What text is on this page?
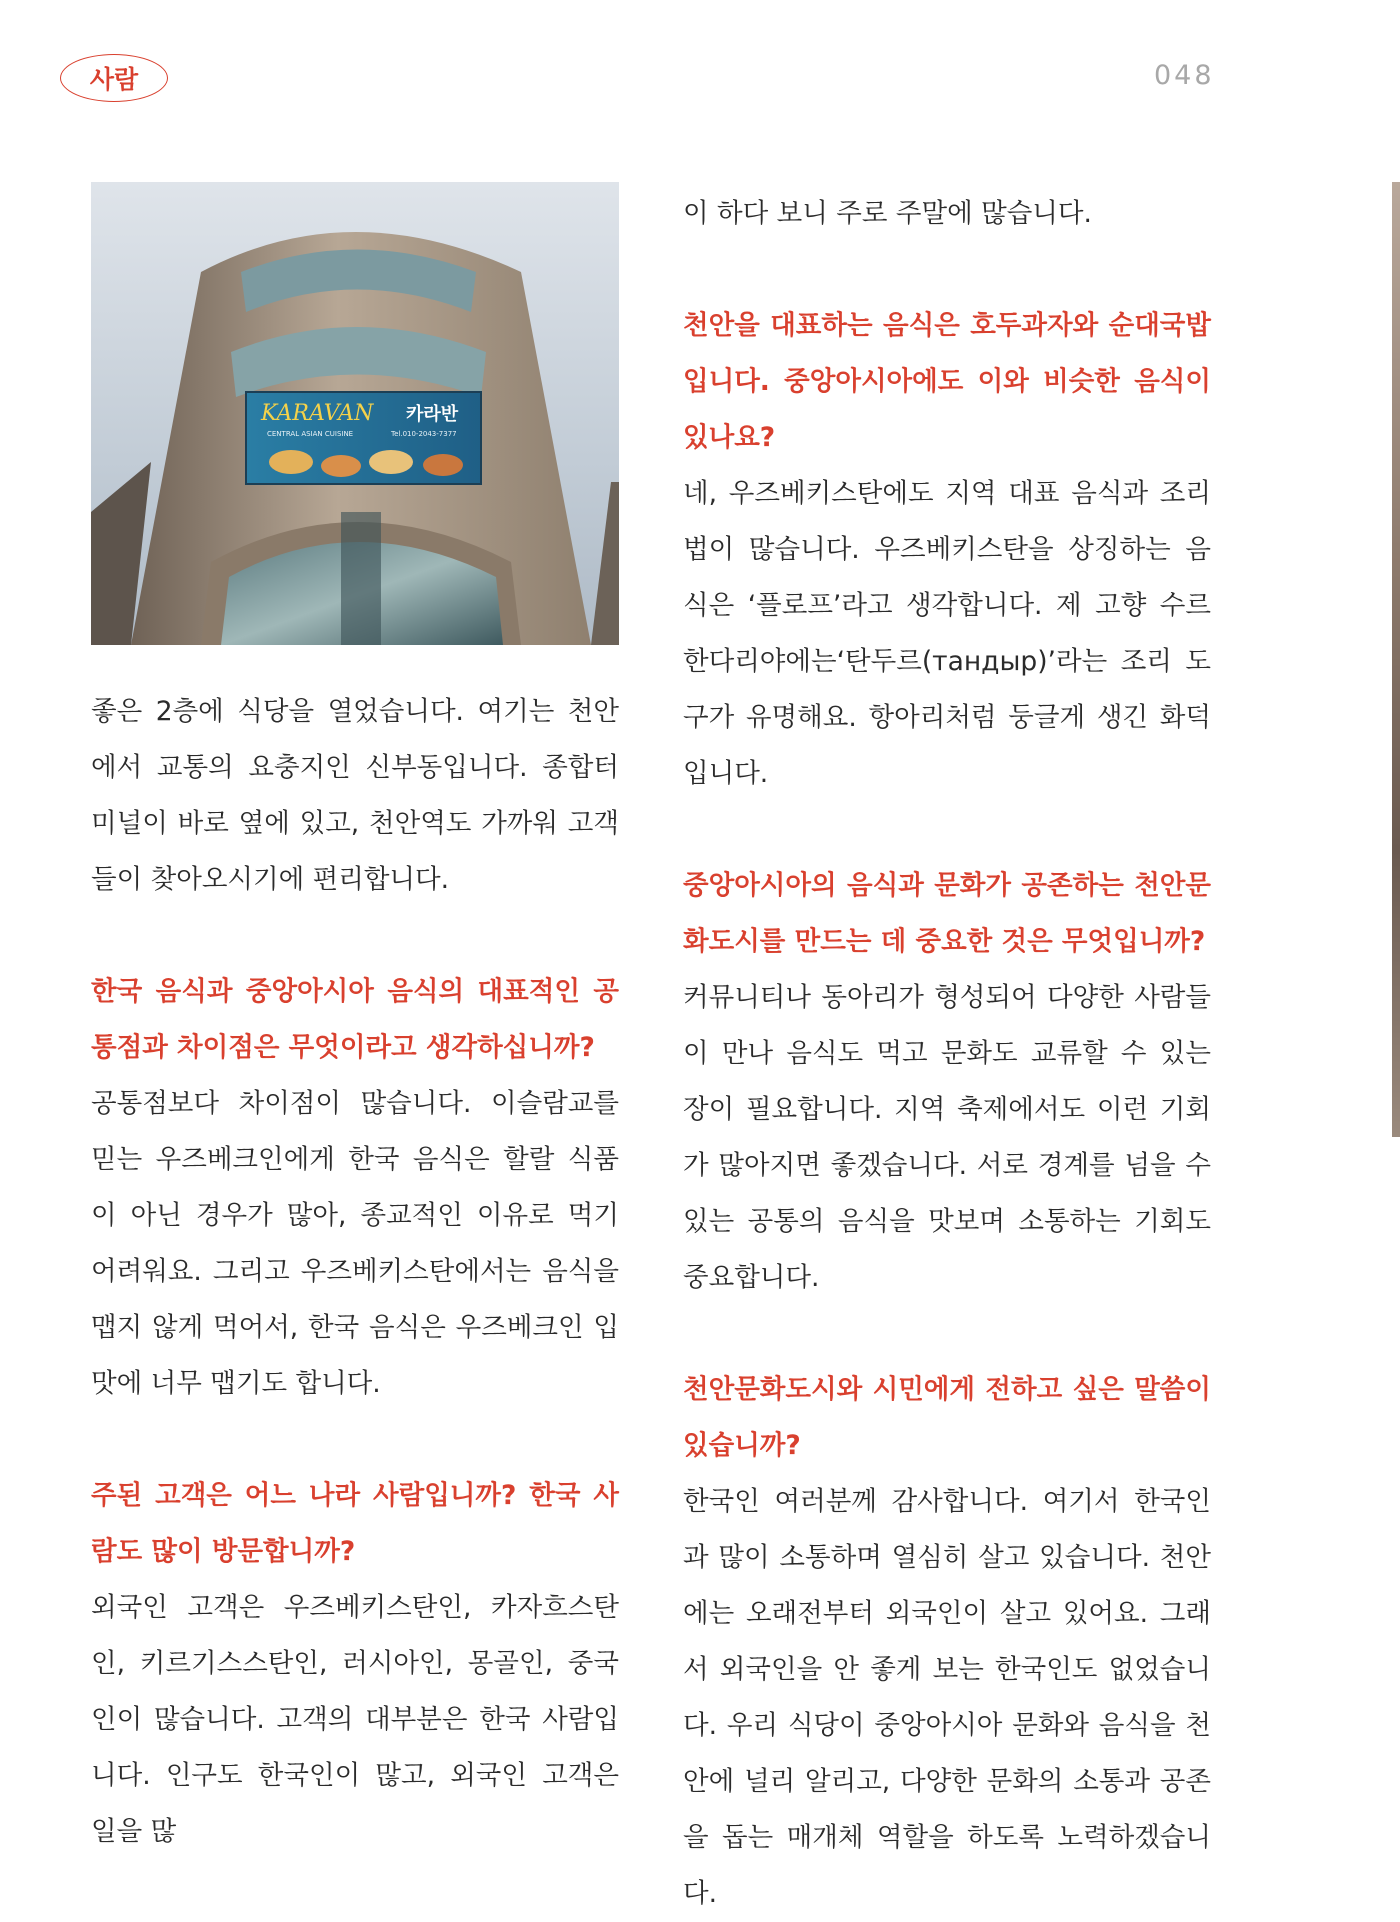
사람	048
KARAVAN 카라반
CENTRAL ASIAN CUISINE	Tel.010-2043-7377

좋은 2층에 식당을 열었습니다. 여기는 천안에서 교통의 요충지인 신부동입니다. 종합터미널이 바로 옆에 있고, 천안역도 가까워 고객들이 찾아오시기에 편리합니다.

한국 음식과 중앙아시아 음식의 대표적인 공통점과 차이점은 무엇이라고 생각하십니까?

공통점보다 차이점이 많습니다. 이슬람교를 믿는 우즈베크인에게 한국 음식은 할랄 식품이 아닌 경우가 많아, 종교적인 이유로 먹기 어려워요. 그리고 우즈베키스탄에서는 음식을 맵지 않게 먹어서, 한국 음식은 우즈베크인 입맛에 너무 맵기도 합니다.

주된 고객은 어느 나라 사람입니까? 한국 사람도 많이 방문합니까?

외국인 고객은 우즈베키스탄인, 카자흐스탄인, 키르기스스탄인, 러시아인, 몽골인, 중국인이 많습니다. 고객의 대부분은 한국 사람입니다. 인구도 한국인이 많고, 외국인 고객은 일을 많

이 하다 보니 주로 주말에 많습니다.

천안을 대표하는 음식은 호두과자와 순대국밥입니다. 중앙아시아에도 이와 비슷한 음식이 있나요?

네, 우즈베키스탄에도 지역 대표 음식과 조리법이 많습니다. 우즈베키스탄을 상징하는 음식은 ‘플로프’라고 생각합니다. 제 고향 수르한다리야에는‘탄두르(тандыр)’라는 조리 도구가 유명해요. 항아리처럼 둥글게 생긴 화덕입니다.

중앙아시아의 음식과 문화가 공존하는 천안문화도시를 만드는 데 중요한 것은 무엇입니까?

커뮤니티나 동아리가 형성되어 다양한 사람들이 만나 음식도 먹고 문화도 교류할 수 있는 장이 필요합니다. 지역 축제에서도 이런 기회가 많아지면 좋겠습니다. 서로 경계를 넘을 수 있는 공통의 음식을 맛보며 소통하는 기회도 중요합니다.

천안문화도시와 시민에게 전하고 싶은 말씀이 있습니까?

한국인 여러분께 감사합니다. 여기서 한국인과 많이 소통하며 열심히 살고 있습니다. 천안에는 오래전부터 외국인이 살고 있어요. 그래서 외국인을 안 좋게 보는 한국인도 없었습니다. 우리 식당이 중앙아시아 문화와 음식을 천안에 널리 알리고, 다양한 문화의 소통과 공존을 돕는 매개체 역할을 하도록 노력하겠습니다.
